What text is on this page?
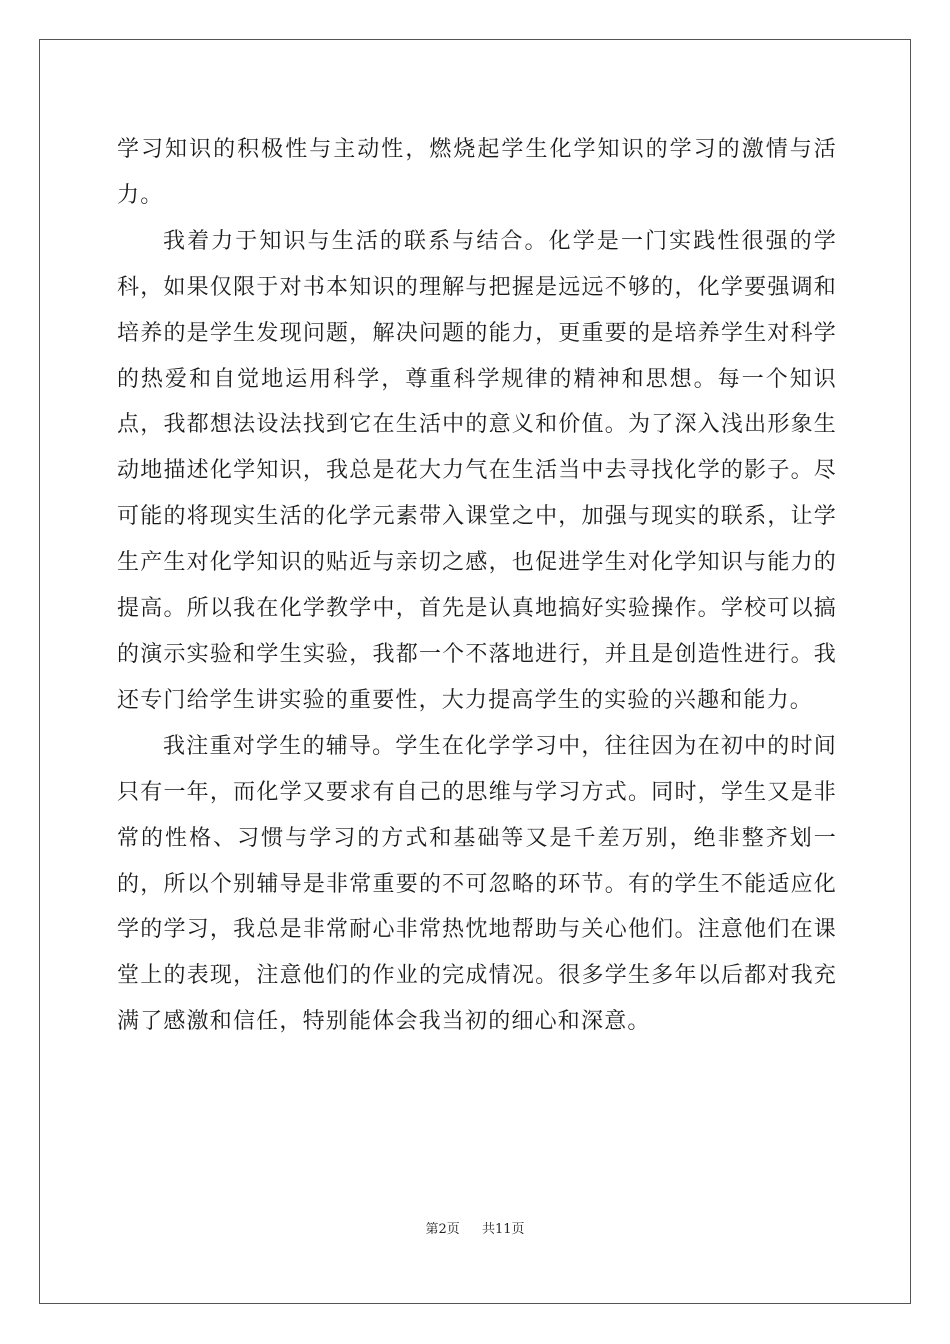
学习知识的积极性与主动性，燃烧起学生化学知识的学习的激情与活力。

我着力于知识与生活的联系与结合。化学是一门实践性很强的学科，如果仅限于对书本知识的理解与把握是远远不够的，化学要强调和培养的是学生发现问题，解决问题的能力，更重要的是培养学生对科学的热爱和自觉地运用科学，尊重科学规律的精神和思想。每一个知识点，我都想法设法找到它在生活中的意义和价值。为了深入浅出形象生动地描述化学知识，我总是花大力气在生活当中去寻找化学的影子。尽可能的将现实生活的化学元素带入课堂之中，加强与现实的联系，让学生产生对化学知识的贴近与亲切之感，也促进学生对化学知识与能力的提高。所以我在化学教学中，首先是认真地搞好实验操作。学校可以搞的演示实验和学生实验，我都一个不落地进行，并且是创造性进行。我还专门给学生讲实验的重要性，大力提高学生的实验的兴趣和能力。

我注重对学生的辅导。学生在化学学习中，往往因为在初中的时间只有一年，而化学又要求有自己的思维与学习方式。同时，学生又是非常的性格、习惯与学习的方式和基础等又是千差万别，绝非整齐划一的，所以个别辅导是非常重要的不可忽略的环节。有的学生不能适应化学的学习，我总是非常耐心非常热忱地帮助与关心他们。注意他们在课堂上的表现，注意他们的作业的完成情况。很多学生多年以后都对我充满了感激和信任，特别能体会我当初的细心和深意。

第2页 共11页
